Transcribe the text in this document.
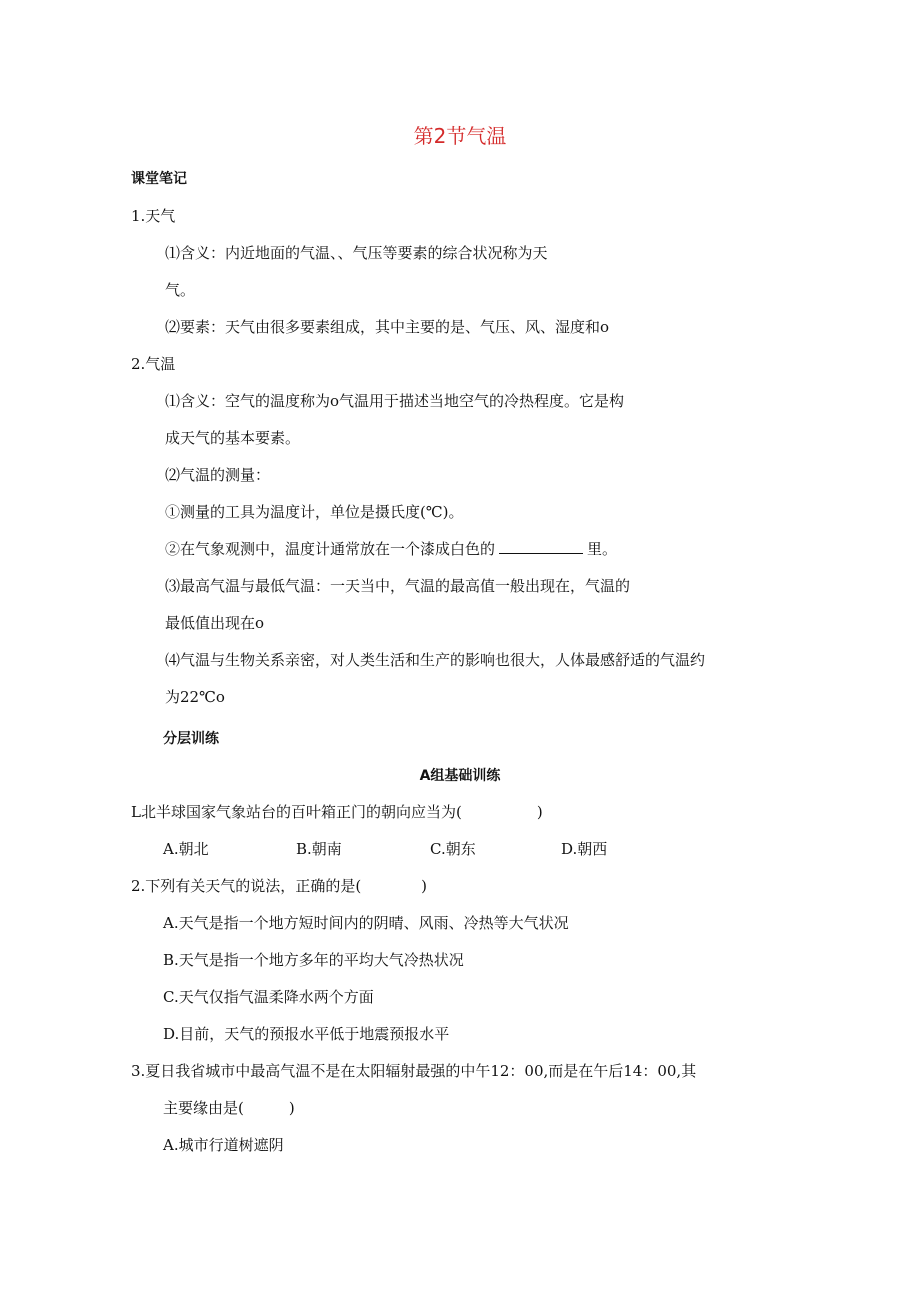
第2节气温
课堂笔记
1.天气
⑴含义：内近地面的气温、、气压等要素的综合状况称为天
气。
⑵要素：天气由很多要素组成，其中主要的是、气压、风、湿度和o
2.气温
⑴含义：空气的温度称为o气温用于描述当地空气的冷热程度。它是构
成天气的基本要素。
⑵气温的测量：
①测量的工具为温度计，单位是摄氏度(℃)。
②在气象观测中，温度计通常放在一个漆成白色的	里。
⑶最高气温与最低气温：一天当中，气温的最高值一般出现在，气温的
最低值出现在o
⑷气温与生物关系亲密，对人类生活和生产的影响也很大，人体最感舒适的气温约
为22℃o
分层训练
A组基础训练
L北半球国家气象站台的百叶箱正门的朝向应当为(　　　　　)
A.朝北	B.朝南	C.朝东	D.朝西
2.下列有关天气的说法，正确的是(　　　　)
A.天气是指一个地方短时间内的阴晴、风雨、冷热等大气状况
B.天气是指一个地方多年的平均大气冷热状况
C.天气仅指气温柔降水两个方面
D.目前，天气的预报水平低于地震预报水平
3.夏日我省城市中最高气温不是在太阳辐射最强的中午12：00,而是在午后14：00,其
主要缘由是(　　　)
A.城市行道树遮阴
